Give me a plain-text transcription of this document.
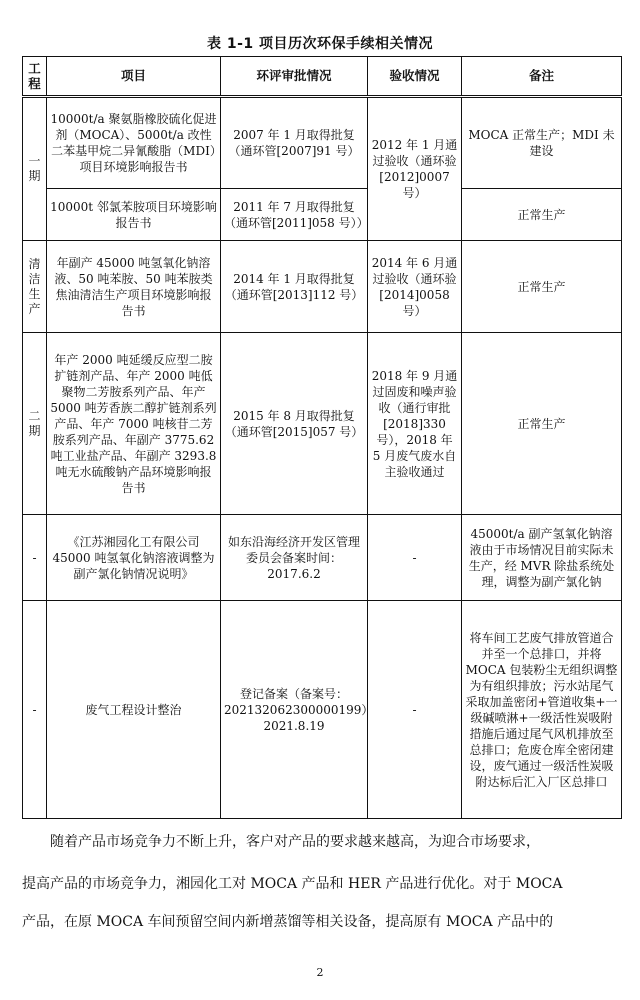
表 1-1 项目历次环保手续相关情况
工程	项目	环评审批情况	验收情况	备注
一期	10000t/a 聚氨脂橡胶硫化促进剂（MOCA）、5000t/a 改性二苯基甲烷二异氰酸脂（MDI）项目环境影响报告书	2007 年 1 月取得批复（通环管[2007]91 号）	2012 年 1 月通过验收（通环验[2012]0007 号）	MOCA 正常生产；MDI 未建设
	10000t 邻氯苯胺项目环境影响报告书	2011 年 7 月取得批复（通环管[2011]058 号））		正常生产
清洁生产	年副产 45000 吨氢氧化钠溶液、50 吨苯胺、50 吨苯胺类焦油清洁生产项目环境影响报告书	2014 年 1 月取得批复（通环管[2013]112 号）	2014 年 6 月通过验收（通环验[2014]0058 号）	正常生产
二期	年产 2000 吨延缓反应型二胺扩链剂产品、年产 2000 吨低聚物二芳胺系列产品、年产 5000 吨芳香族二醇扩链剂系列产品、年产 7000 吨核苷二芳胺系列产品、年副产 3775.62 吨工业盐产品、年副产 3293.8 吨无水硫酸钠产品环境影响报告书	2015 年 8 月取得批复（通环管[2015]057 号）	2018 年 9 月通过固废和噪声验收（通行审批[2018]330 号），2018 年 5 月废气废水自主验收通过	正常生产
-	《江苏湘园化工有限公司 45000 吨氢氧化钠溶液调整为副产氯化钠情况说明》	如东沿海经济开发区管理委员会备案时间：2017.6.2	-	45000t/a 副产氢氧化钠溶液由于市场情况目前实际未生产，经 MVR 除盐系统处理，调整为副产氯化钠
-	废气工程设计整治	登记备案（备案号：202132062300000199）2021.8.19	-	将车间工艺废气排放管道合并至一个总排口，并将 MOCA 包装粉尘无组织调整为有组织排放；污水站尾气采取加盖密闭+管道收集+一级碱喷淋+一级活性炭吸附措施后通过尾气风机排放至总排口；危废仓库全密闭建设，废气通过一级活性炭吸附达标后汇入厂区总排口
随着产品市场竞争力不断上升，客户对产品的要求越来越高，为迎合市场要求，
提高产品的市场竞争力，湘园化工对 MOCA 产品和 HER 产品进行优化。对于 MOCA
产品，在原 MOCA 车间预留空间内新增蒸馏等相关设备，提高原有 MOCA 产品中的
2
